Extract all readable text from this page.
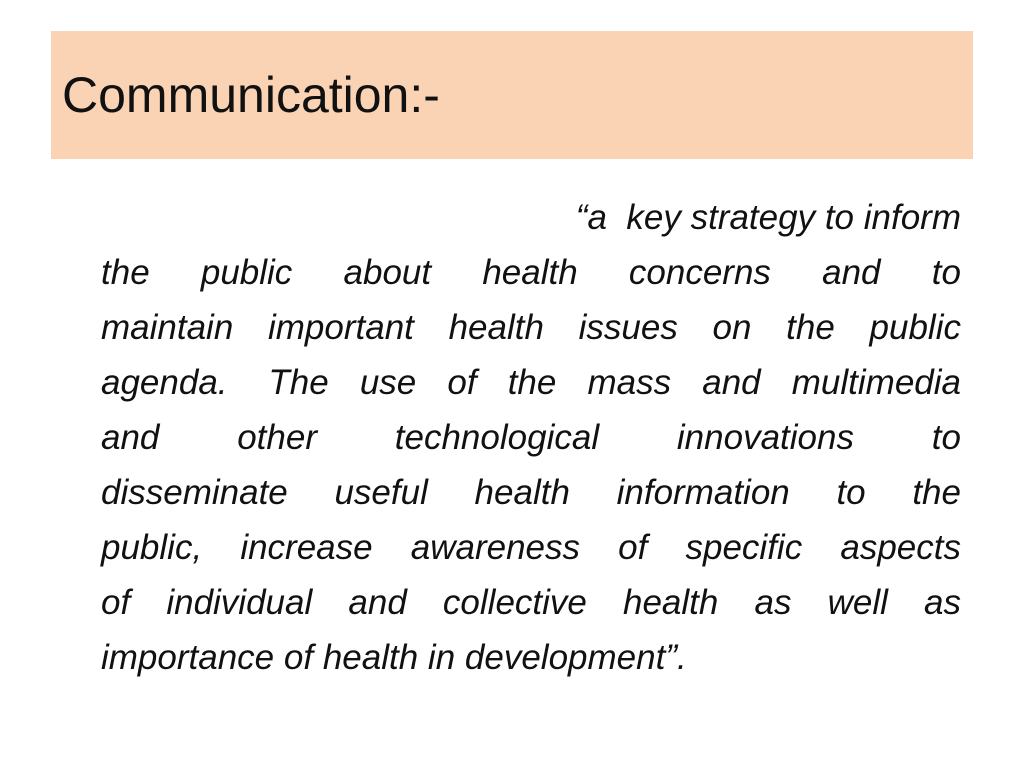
Communication:-
“a  key strategy to inform
the public about health concerns and to
maintain important health issues on the public
agenda. The use of the mass and multimedia
and other technological innovations to
disseminate useful health information to the
public, increase awareness of specific aspects
of individual and collective health as well as
importance of health in development”.
